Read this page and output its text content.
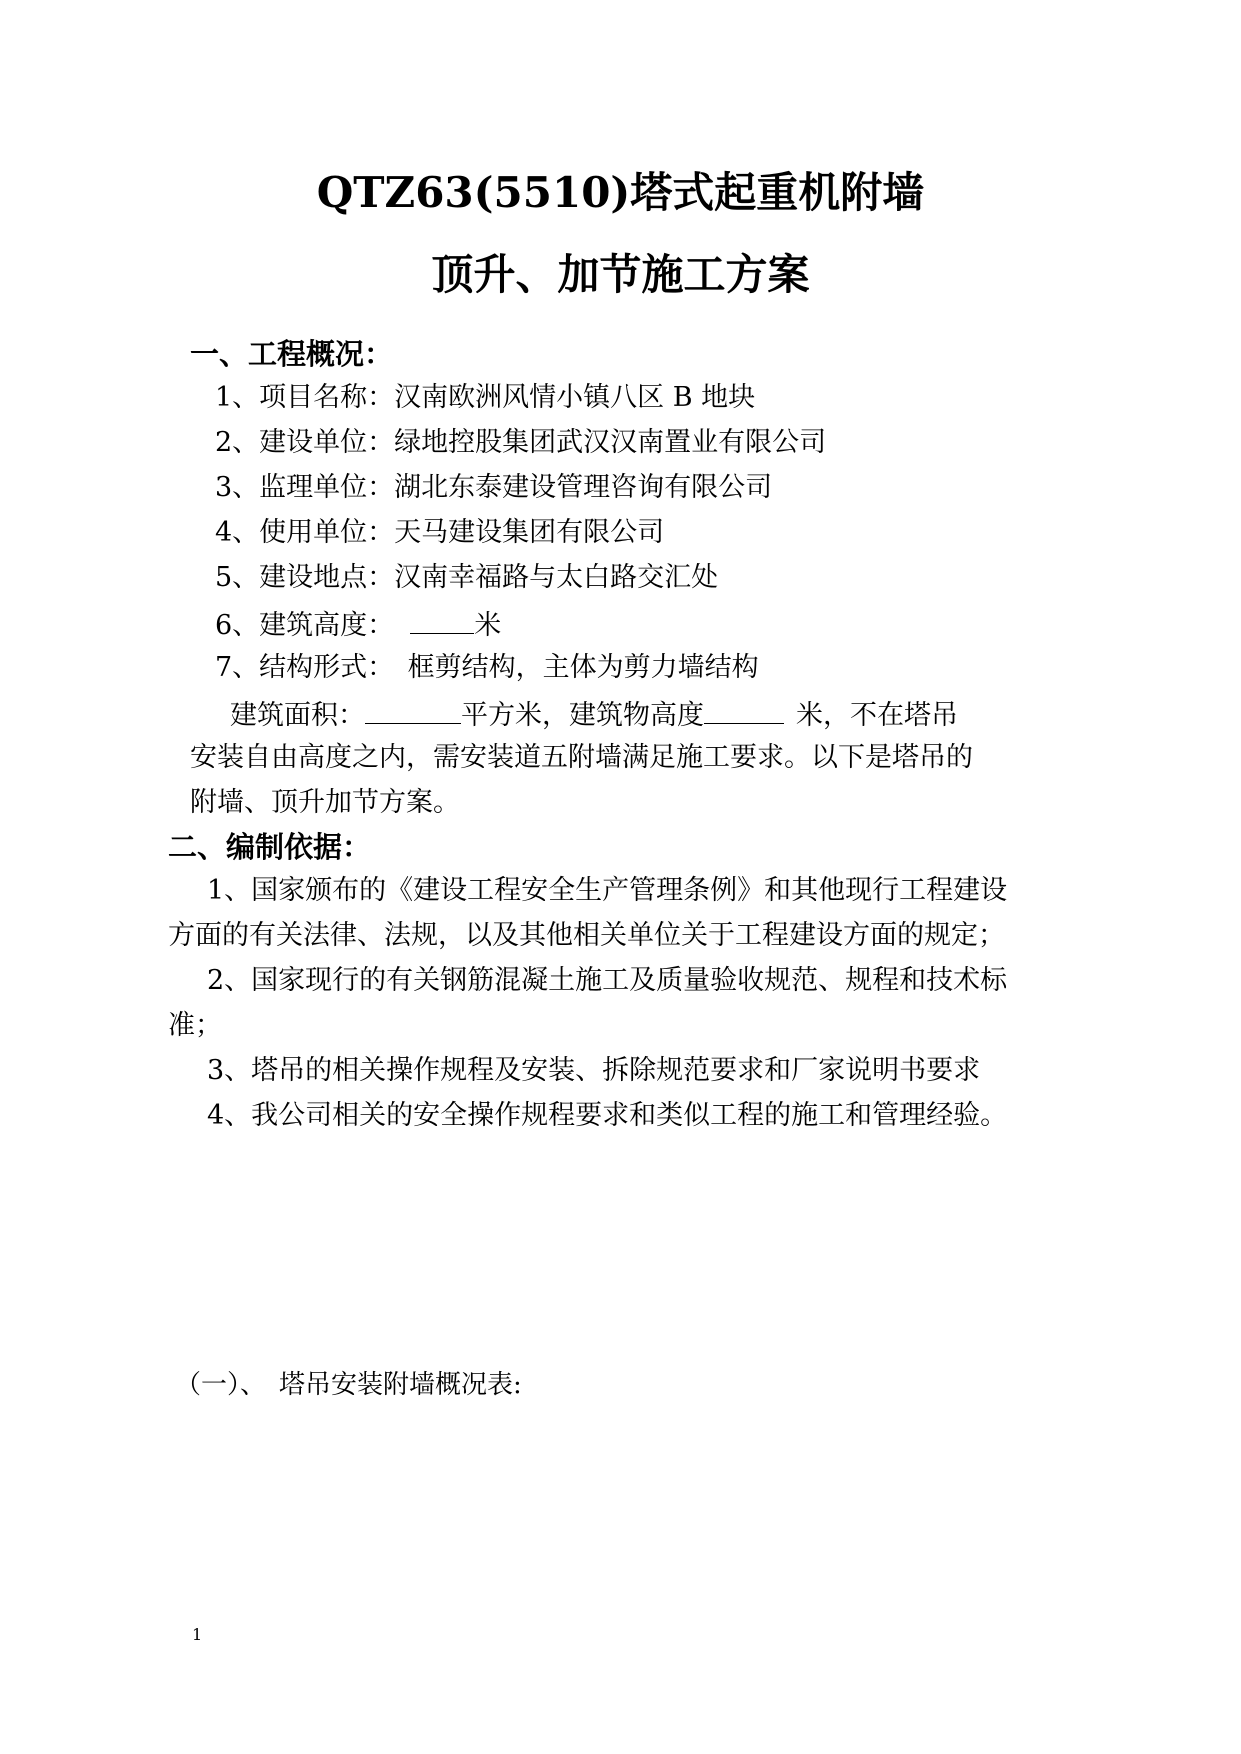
QTZ63(5510)塔式起重机附墙
顶升、加节施工方案
一、工程概况：
1、项目名称：汉南欧洲风情小镇八区 B 地块
2、建设单位：绿地控股集团武汉汉南置业有限公司
3、监理单位：湖北东泰建设管理咨询有限公司
4、使用单位：天马建设集团有限公司
5、建设地点：汉南幸福路与太白路交汇处
6、建筑高度：	米
7、结构形式：　框剪结构，主体为剪力墙结构
建筑面积：	平方米，建筑物高度	米，不在塔吊
安装自由高度之内，需安装道五附墙满足施工要求。以下是塔吊的
附墙、顶升加节方案。
二、编制依据：
1、国家颁布的《建设工程安全生产管理条例》和其他现行工程建设
方面的有关法律、法规，以及其他相关单位关于工程建设方面的规定；
2、国家现行的有关钢筋混凝土施工及质量验收规范、规程和技术标
准；
3、塔吊的相关操作规程及安装、拆除规范要求和厂家说明书要求
4、我公司相关的安全操作规程要求和类似工程的施工和管理经验。
（一）、　塔吊安装附墙概况表:
1
